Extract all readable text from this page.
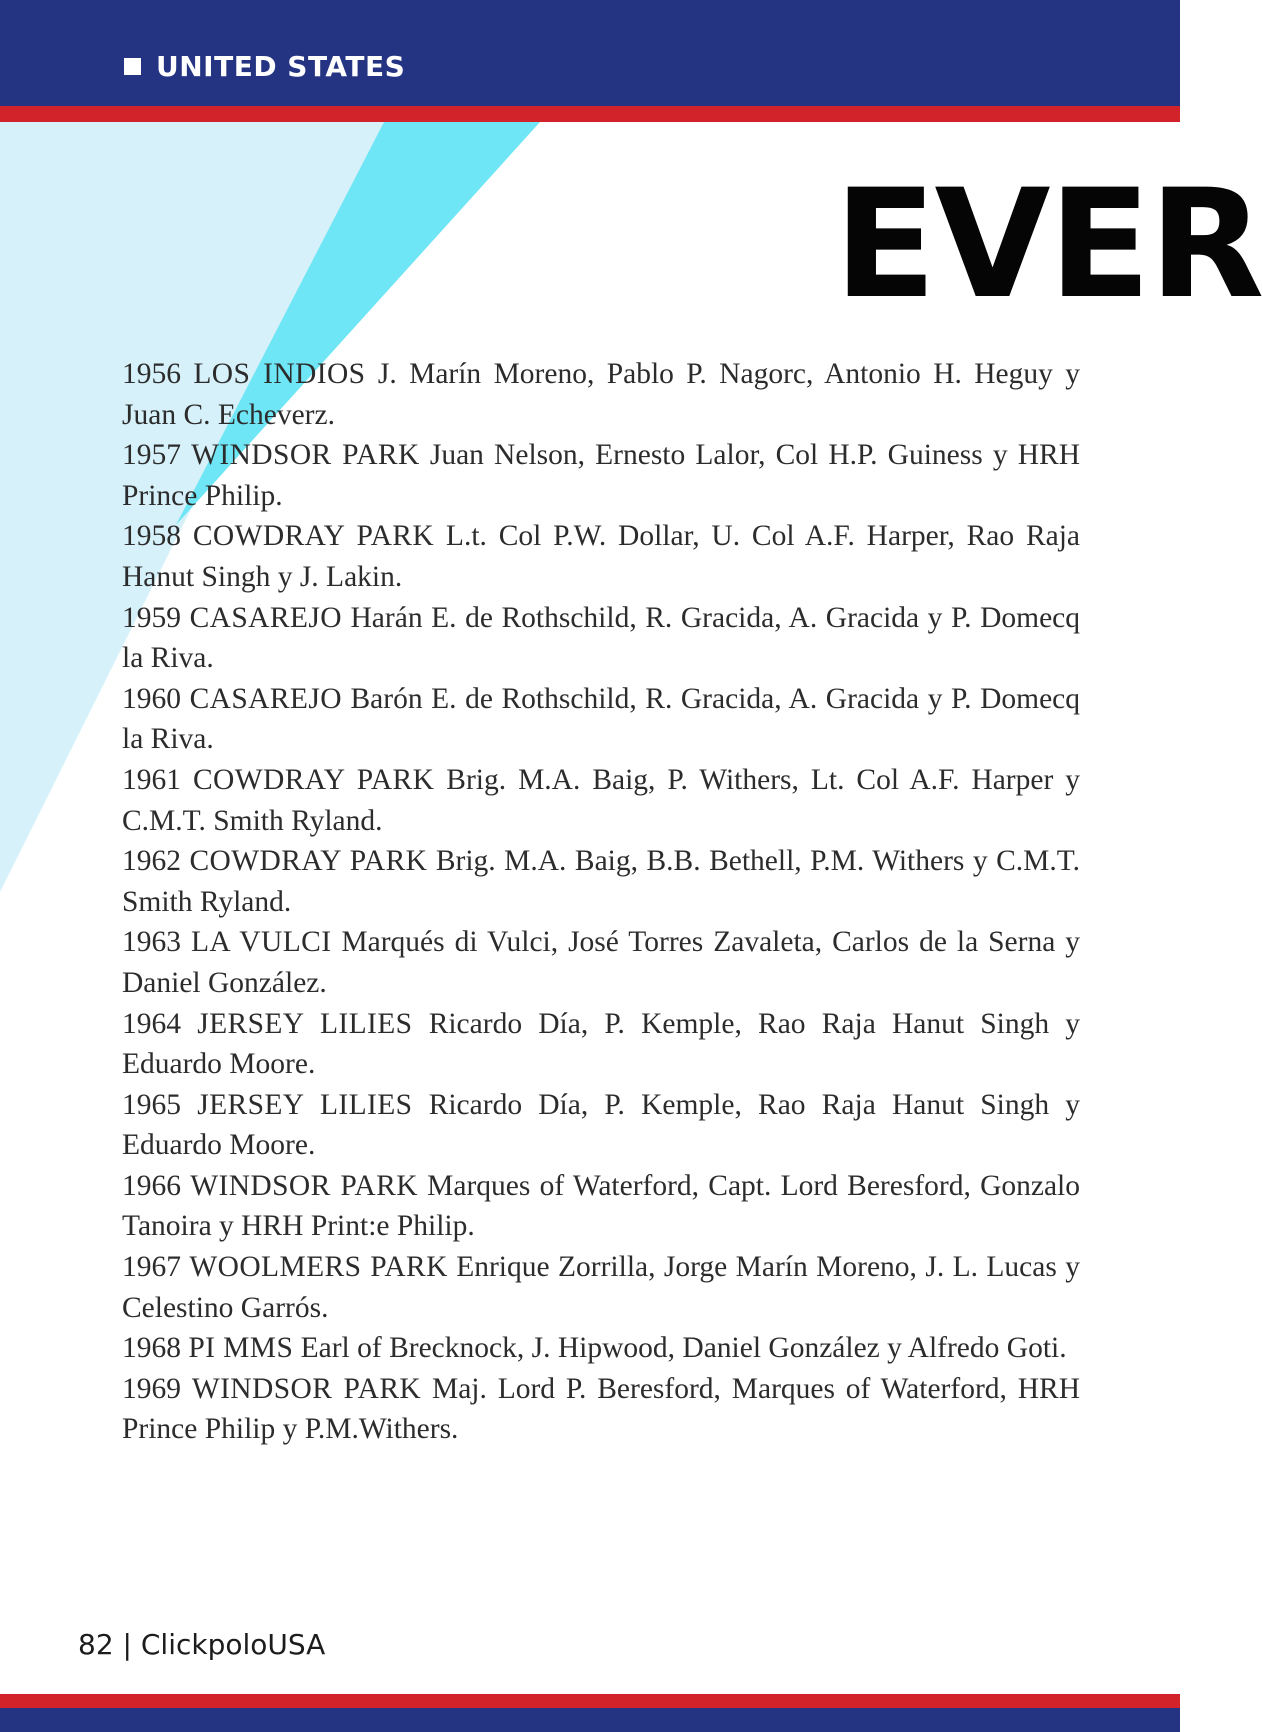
UNITED STATES
EVER

1956 LOS INDIOS J. Marín Moreno, Pablo P. Nagorc, Antonio H. Heguy y Juan C. Echeverz.

1957 WINDSOR PARK Juan Nelson, Ernesto Lalor, Col H.P. Guiness y HRH Prince Philip.

1958 COWDRAY PARK L.t. Col P.W. Dollar, U. Col A.F. Harper, Rao Raja Hanut Singh y J. Lakin.

1959 CASAREJO Harán E. de Rothschild, R. Gracida, A. Gracida y P. Domecq la Riva.

1960 CASAREJO Barón E. de Rothschild, R. Gracida, A. Gracida y P. Domecq la Riva.

1961 COWDRAY PARK Brig. M.A. Baig, P. Withers, Lt. Col A.F. Harper y C.M.T. Smith Ryland.

1962 COWDRAY PARK Brig. M.A. Baig, B.B. Bethell, P.M. Withers y C.M.T. Smith Ryland.

1963 LA VULCI Marqués di Vulci, José Torres Zavaleta, Carlos de la Serna y Daniel González.

1964 JERSEY LILIES Ricardo Día, P. Kemple, Rao Raja Hanut Singh y Eduardo Moore.

1965 JERSEY LILIES Ricardo Día, P. Kemple, Rao Raja Hanut Singh y Eduardo Moore.

1966 WINDSOR PARK Marques of Waterford, Capt. Lord Beresford, Gonzalo Tanoira y HRH Print:e Philip.

1967 WOOLMERS PARK Enrique Zorrilla, Jorge Marín Moreno, J. L. Lucas y Celestino Garrós.

1968 PI MMS Earl of Brecknock, J. Hipwood, Daniel González y Alfredo Goti.

1969 WINDSOR PARK Maj. Lord P. Beresford, Marques of Waterford, HRH Prince Philip y P.M.Withers.

82 | ClickpoloUSA
